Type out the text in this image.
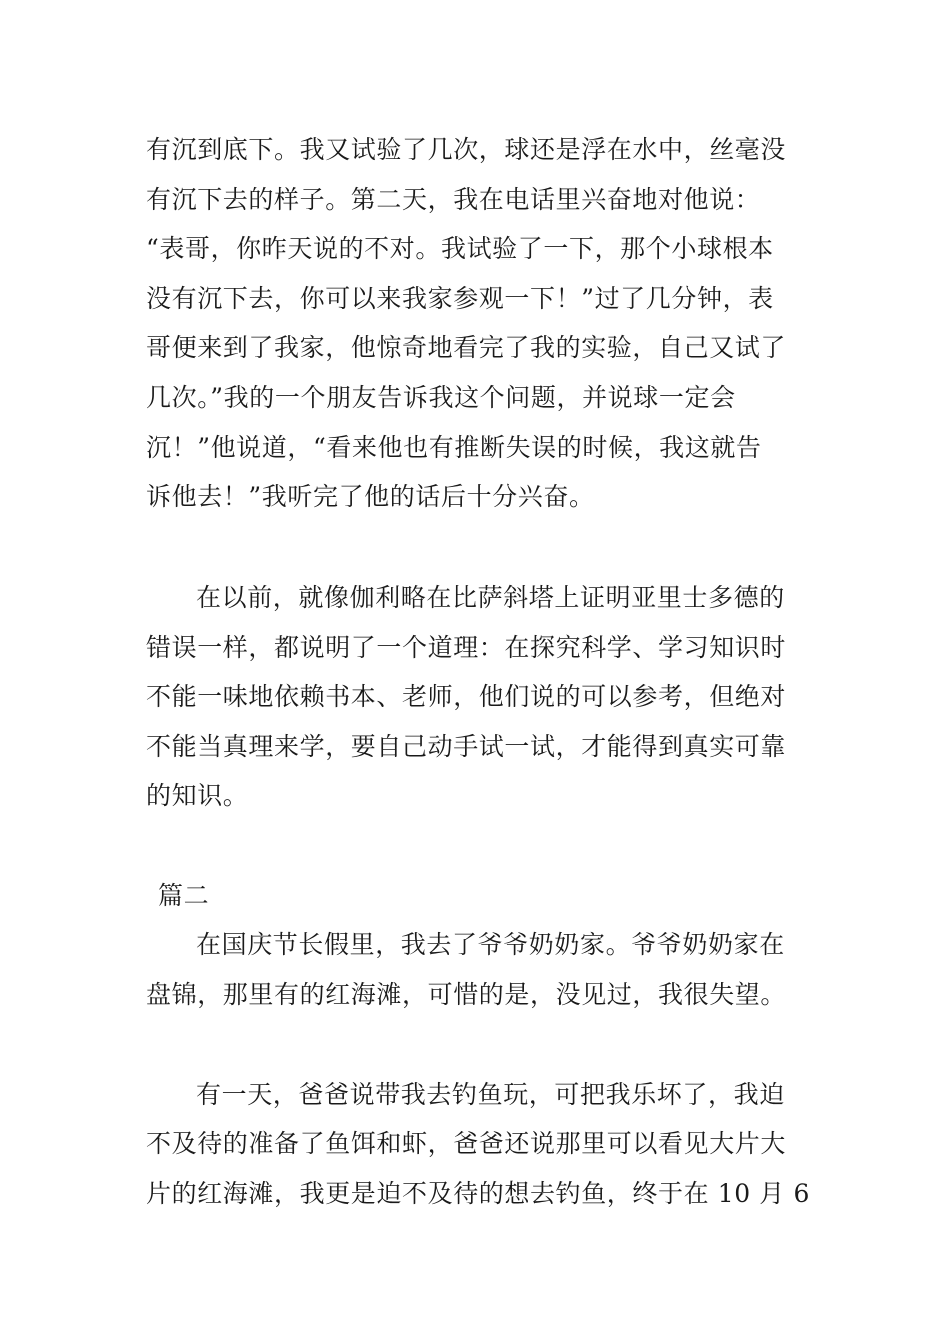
有沉到底下。我又试验了几次，球还是浮在水中，丝毫没
有沉下去的样子。第二天，我在电话里兴奋地对他说：
“表哥，你昨天说的不对。我试验了一下，那个小球根本
没有沉下去，你可以来我家参观一下！”过了几分钟，表
哥便来到了我家，他惊奇地看完了我的实验，自己又试了
几次。”我的一个朋友告诉我这个问题，并说球一定会
沉！”他说道，“看来他也有推断失误的时候，我这就告
诉他去！”我听完了他的话后十分兴奋。
在以前，就像伽利略在比萨斜塔上证明亚里士多德的
错误一样，都说明了一个道理：在探究科学、学习知识时
不能一味地依赖书本、老师，他们说的可以参考，但绝对
不能当真理来学，要自己动手试一试，才能得到真实可靠
的知识。
篇二
在国庆节长假里，我去了爷爷奶奶家。爷爷奶奶家在
盘锦，那里有的红海滩，可惜的是，没见过，我很失望。
有一天，爸爸说带我去钓鱼玩，可把我乐坏了，我迫
不及待的准备了鱼饵和虾，爸爸还说那里可以看见大片大
片的红海滩，我更是迫不及待的想去钓鱼，终于在 10 月 6
